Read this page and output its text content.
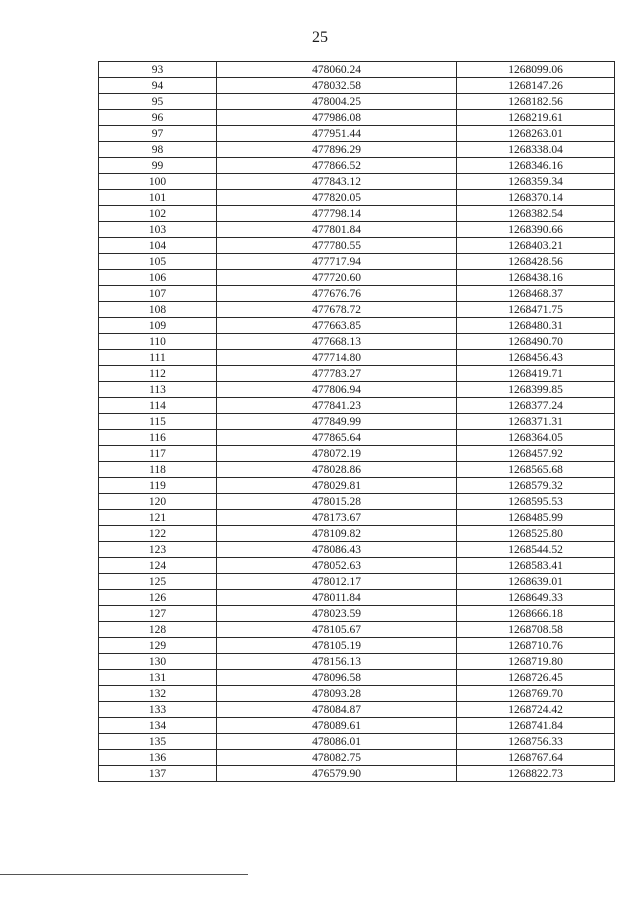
25
93	478060.24	1268099.06
94	478032.58	1268147.26
95	478004.25	1268182.56
96	477986.08	1268219.61
97	477951.44	1268263.01
98	477896.29	1268338.04
99	477866.52	1268346.16
100	477843.12	1268359.34
101	477820.05	1268370.14
102	477798.14	1268382.54
103	477801.84	1268390.66
104	477780.55	1268403.21
105	477717.94	1268428.56
106	477720.60	1268438.16
107	477676.76	1268468.37
108	477678.72	1268471.75
109	477663.85	1268480.31
110	477668.13	1268490.70
111	477714.80	1268456.43
112	477783.27	1268419.71
113	477806.94	1268399.85
114	477841.23	1268377.24
115	477849.99	1268371.31
116	477865.64	1268364.05
117	478072.19	1268457.92
118	478028.86	1268565.68
119	478029.81	1268579.32
120	478015.28	1268595.53
121	478173.67	1268485.99
122	478109.82	1268525.80
123	478086.43	1268544.52
124	478052.63	1268583.41
125	478012.17	1268639.01
126	478011.84	1268649.33
127	478023.59	1268666.18
128	478105.67	1268708.58
129	478105.19	1268710.76
130	478156.13	1268719.80
131	478096.58	1268726.45
132	478093.28	1268769.70
133	478084.87	1268724.42
134	478089.61	1268741.84
135	478086.01	1268756.33
136	478082.75	1268767.64
137	476579.90	1268822.73
